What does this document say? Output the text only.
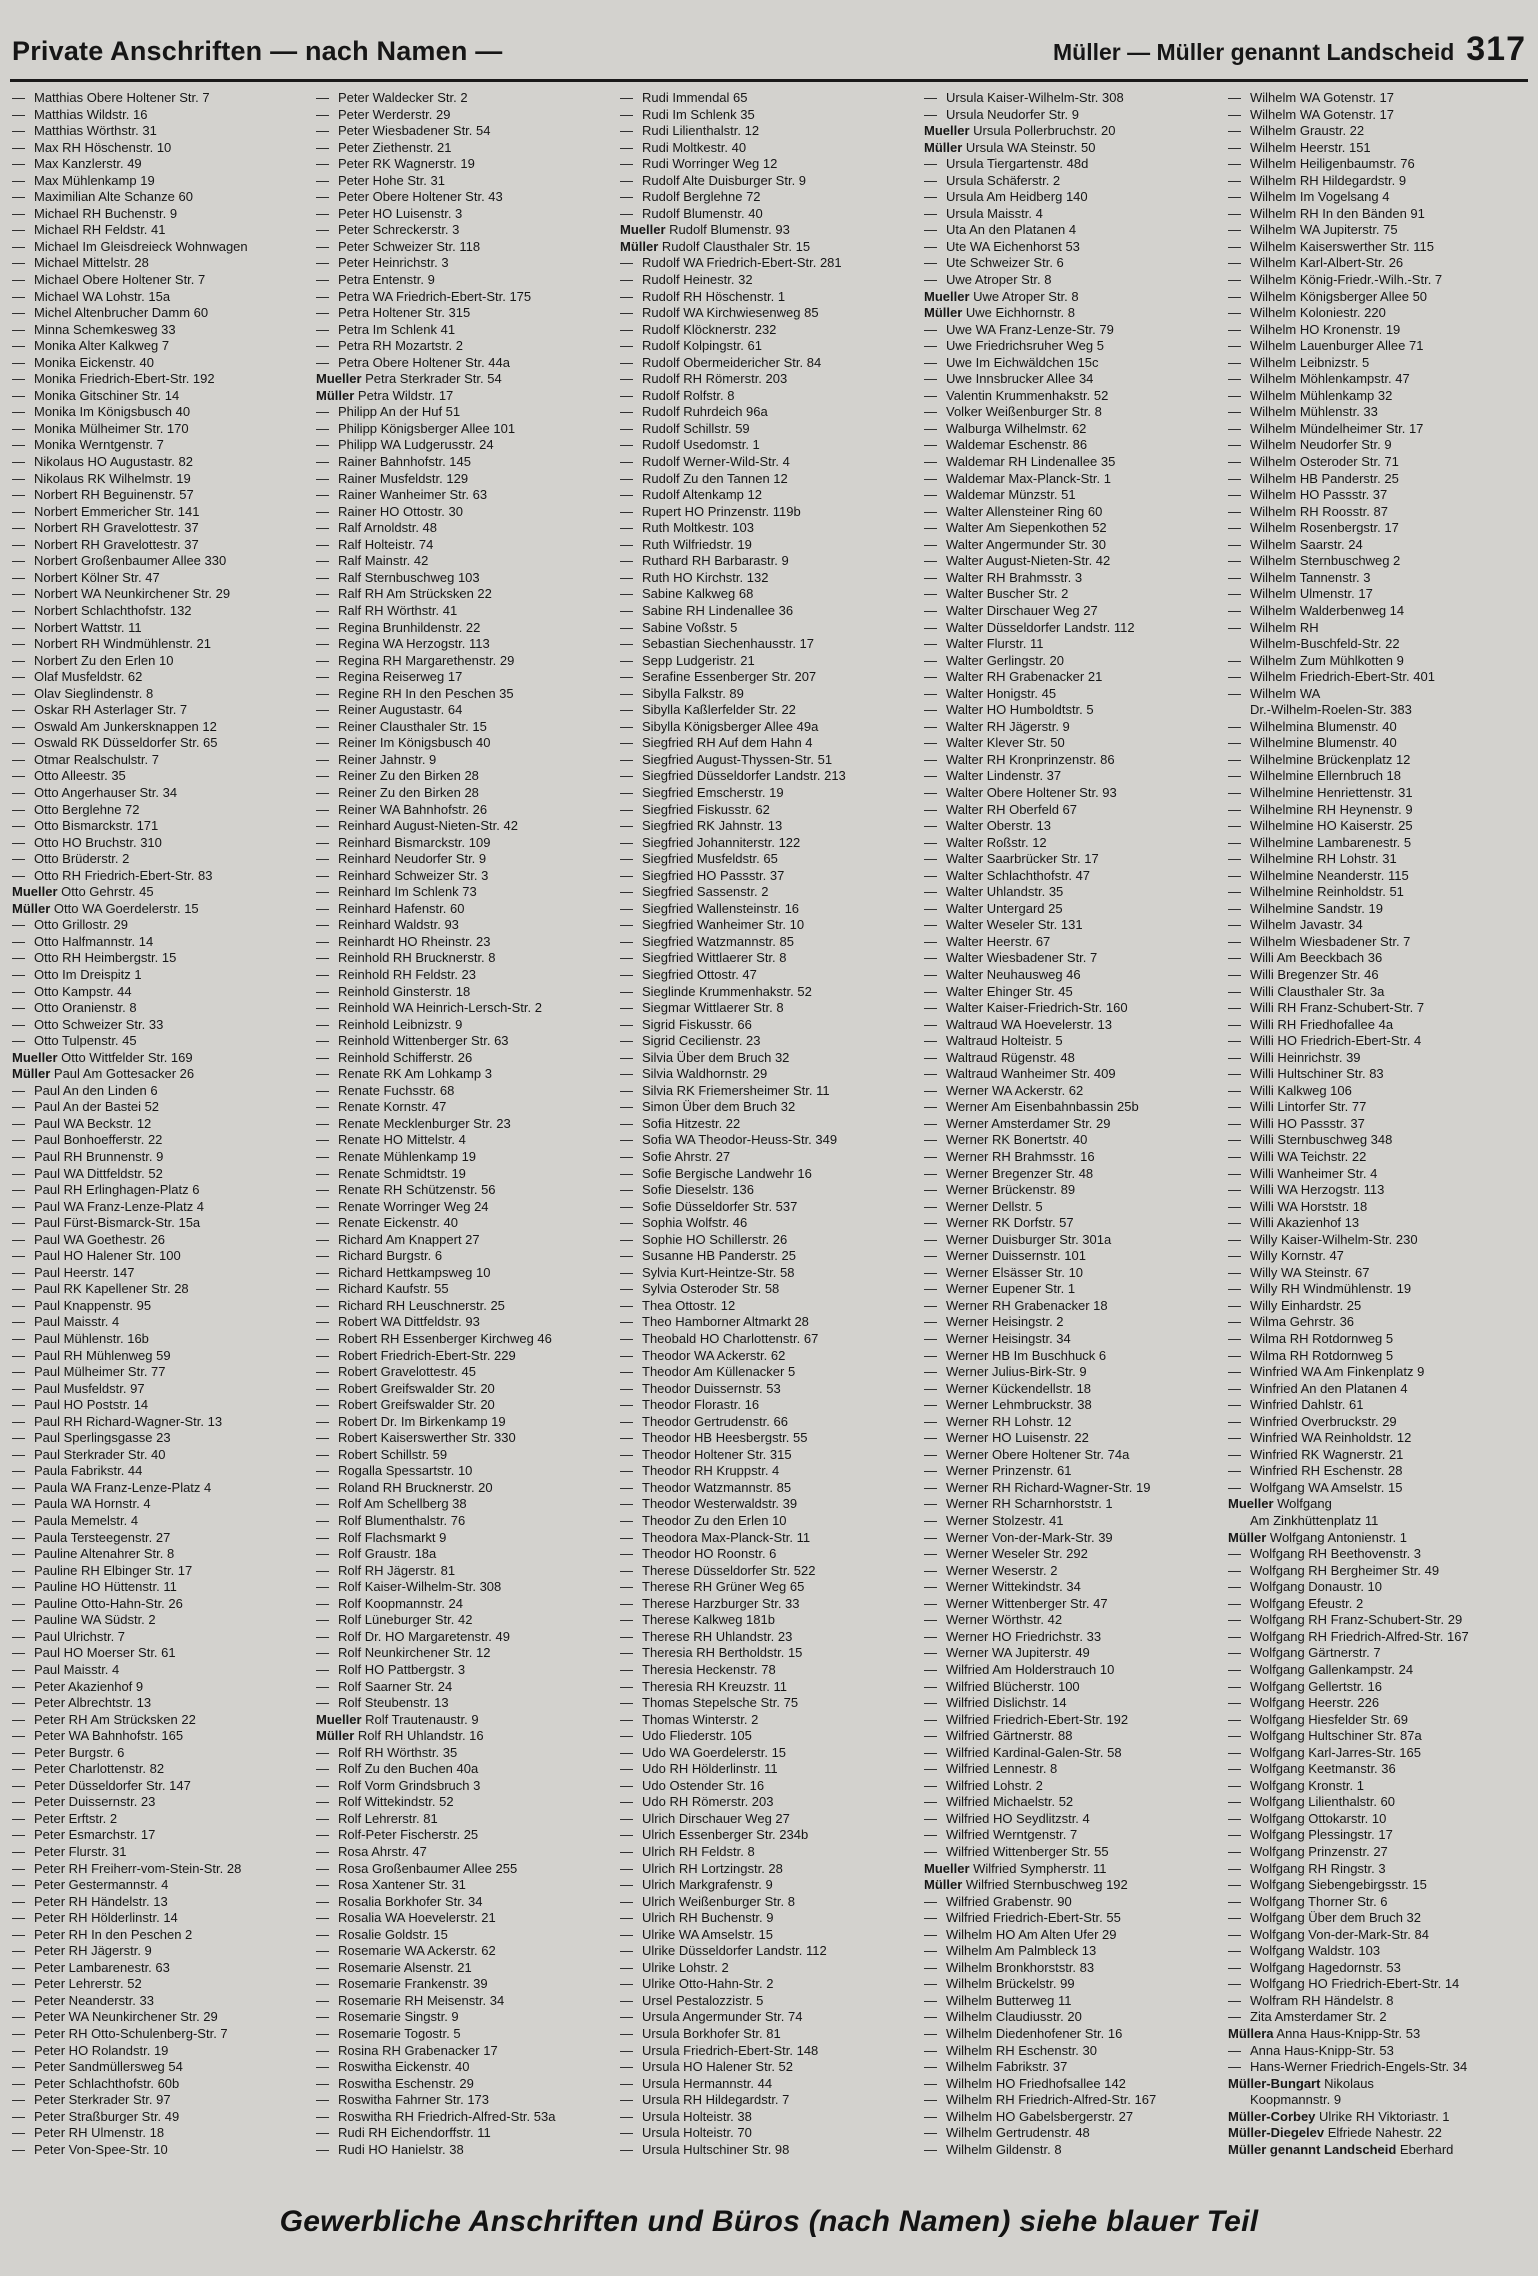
Private Anschriften — nach Namen —	Müller — Müller genannt Landscheid 317
— Matthias Obere Holtener Str. 7
— Matthias Wildstr. 16
— Matthias Wörthstr. 31
— Max RH Höschenstr. 10
— Max Kanzlerstr. 49
— Max Mühlenkamp 19
— Maximilian Alte Schanze 60
— Michael RH Buchenstr. 9
— Michael RH Feldstr. 41
— Michael Im Gleisdreieck Wohnwagen
— Michael Mittelstr. 28
— Michael Obere Holtener Str. 7
— Michael WA Lohstr. 15a
— Michel Altenbrucher Damm 60
— Minna Schemkesweg 33
— Monika Alter Kalkweg 7
— Monika Eickenstr. 40
— Monika Friedrich-Ebert-Str. 192
— Monika Gitschiner Str. 14
— Monika Im Königsbusch 40
— Monika Mülheimer Str. 170
— Monika Werntgenstr. 7
— Nikolaus HO Augustastr. 82
— Nikolaus RK Wilhelmstr. 19
— Norbert RH Beguinenstr. 57
— Norbert Emmericher Str. 141
— Norbert RH Gravelottestr. 37
— Norbert RH Gravelottestr. 37
— Norbert Großenbaumer Allee 330
— Norbert Kölner Str. 47
— Norbert WA Neunkirchener Str. 29
— Norbert Schlachthofstr. 132
— Norbert Wattstr. 11
— Norbert RH Windmühlenstr. 21
— Norbert Zu den Erlen 10
— Olaf Musfeldstr. 62
— Olav Sieglindenstr. 8
— Oskar RH Asterlager Str. 7
— Oswald Am Junkersknappen 12
— Oswald RK Düsseldorfer Str. 65
— Otmar Realschulstr. 7
— Otto Alleestr. 35
— Otto Angerhauser Str. 34
— Otto Berglehne 72
— Otto Bismarckstr. 171
— Otto HO Bruchstr. 310
— Otto Brüderstr. 2
— Otto RH Friedrich-Ebert-Str. 83
Mueller Otto Gehrstr. 45
Müller Otto WA Goerdelerstr. 15
— Otto Grillostr. 29
— Otto Halfmannstr. 14
— Otto RH Heimbergstr. 15
— Otto Im Dreispitz 1
— Otto Kampstr. 44
— Otto Oranienstr. 8
— Otto Schweizer Str. 33
— Otto Tulpenstr. 45
Mueller Otto Wittfelder Str. 169
Müller Paul Am Gottesacker 26
— Paul An den Linden 6
— Paul An der Bastei 52
— Paul WA Beckstr. 12
— Paul Bonhoefferstr. 22
— Paul RH Brunnenstr. 9
— Paul WA Dittfeldstr. 52
— Paul RH Erlinghagen-Platz 6
— Paul WA Franz-Lenze-Platz 4
— Paul Fürst-Bismarck-Str. 15a
— Paul WA Goethestr. 26
— Paul HO Halener Str. 100
— Paul Heerstr. 147
— Paul RK Kapellener Str. 28
— Paul Knappenstr. 95
— Paul Maisstr. 4
— Paul Mühlenstr. 16b
— Paul RH Mühlenweg 59
— Paul Mülheimer Str. 77
— Paul Musfeldstr. 97
— Paul HO Poststr. 14
— Paul RH Richard-Wagner-Str. 13
— Paul Sperlingsgasse 23
— Paul Sterkrader Str. 40
— Paula Fabrikstr. 44
— Paula WA Franz-Lenze-Platz 4
— Paula WA Hornstr. 4
— Paula Memelstr. 4
— Paula Tersteegenstr. 27
— Pauline Altenahrer Str. 8
— Pauline RH Elbinger Str. 17
— Pauline HO Hüttenstr. 11
— Pauline Otto-Hahn-Str. 26
— Pauline WA Südstr. 2
— Paul Ulrichstr. 7
— Paul HO Moerser Str. 61
— Paul Maisstr. 4
— Peter Akazienhof 9
— Peter Albrechtstr. 13
— Peter RH Am Strücksken 22
— Peter WA Bahnhofstr. 165
— Peter Burgstr. 6
— Peter Charlottenstr. 82
— Peter Düsseldorfer Str. 147
— Peter Duissernstr. 23
— Peter Erftstr. 2
— Peter Esmarchstr. 17
— Peter Flurstr. 31
— Peter RH Freiherr-vom-Stein-Str. 28
— Peter Gestermannstr. 4
— Peter RH Händelstr. 13
— Peter RH Hölderlinstr. 14
— Peter RH In den Peschen 2
— Peter RH Jägerstr. 9
— Peter Lambarenestr. 63
— Peter Lehrerstr. 52
— Peter Neanderstr. 33
— Peter WA Neunkirchener Str. 29
— Peter RH Otto-Schulenberg-Str. 7
— Peter HO Rolandstr. 19
— Peter Sandmüllersweg 54
— Peter Schlachthofstr. 60b
— Peter Sterkrader Str. 97
— Peter Straßburger Str. 49
— Peter RH Ulmenstr. 18
— Peter Von-Spee-Str. 10
— Peter Waldecker Str. 2
— Peter Werderstr. 29
— Peter Wiesbadener Str. 54
— Peter Ziethenstr. 21
— Peter RK Wagnerstr. 19
— Peter Hohe Str. 31
— Peter Obere Holtener Str. 43
— Peter HO Luisenstr. 3
— Peter Schreckerstr. 3
— Peter Schweizer Str. 118
— Peter Heinrichstr. 3
— Petra Entenstr. 9
— Petra WA Friedrich-Ebert-Str. 175
— Petra Holtener Str. 315
— Petra Im Schlenk 41
— Petra RH Mozartstr. 2
— Petra Obere Holtener Str. 44a
Mueller Petra Sterkrader Str. 54
Müller Petra Wildstr. 17
— Philipp An der Huf 51
— Philipp Königsberger Allee 101
— Philipp WA Ludgerusstr. 24
— Rainer Bahnhofstr. 145
— Rainer Musfeldstr. 129
— Rainer Wanheimer Str. 63
— Rainer HO Ottostr. 30
— Ralf Arnoldstr. 48
— Ralf Holteistr. 74
— Ralf Mainstr. 42
— Ralf Sternbuschweg 103
— Ralf RH Am Strücksken 22
— Ralf RH Wörthstr. 41
— Regina Brunhildenstr. 22
— Regina WA Herzogstr. 113
— Regina RH Margarethenstr. 29
— Regina Reiserweg 17
— Regine RH In den Peschen 35
— Reiner Augustastr. 64
— Reiner Clausthaler Str. 15
— Reiner Im Königsbusch 40
— Reiner Jahnstr. 9
— Reiner Zu den Birken 28
— Reiner Zu den Birken 28
— Reiner WA Bahnhofstr. 26
— Reinhard August-Nieten-Str. 42
— Reinhard Bismarckstr. 109
— Reinhard Neudorfer Str. 9
— Reinhard Schweizer Str. 3
— Reinhard Im Schlenk 73
— Reinhard Hafenstr. 60
— Reinhard Waldstr. 93
— Reinhardt HO Rheinstr. 23
— Reinhold RH Brucknerstr. 8
— Reinhold RH Feldstr. 23
— Reinhold Ginsterstr. 18
— Reinhold WA Heinrich-Lersch-Str. 2
— Reinhold Leibnizstr. 9
— Reinhold Wittenberger Str. 63
— Reinhold Schifferstr. 26
— Renate RK Am Lohkamp 3
— Renate Fuchsstr. 68
— Renate Kornstr. 47
— Renate Mecklenburger Str. 23
— Renate HO Mittelstr. 4
— Renate Mühlenkamp 19
— Renate Schmidtstr. 19
— Renate RH Schützenstr. 56
— Renate Worringer Weg 24
— Renate Eickenstr. 40
— Richard Am Knappert 27
— Richard Burgstr. 6
— Richard Hettkampsweg 10
— Richard Kaufstr. 55
— Richard RH Leuschnerstr. 25
— Robert WA Dittfeldstr. 93
— Robert RH Essenberger Kirchweg 46
— Robert Friedrich-Ebert-Str. 229
— Robert Gravelottestr. 45
— Robert Greifswalder Str. 20
— Robert Greifswalder Str. 20
— Robert Dr. Im Birkenkamp 19
— Robert Kaiserswerther Str. 330
— Robert Schillstr. 59
— Rogalla Spessartstr. 10
— Roland RH Brucknerstr. 20
— Rolf Am Schellberg 38
— Rolf Blumenthalstr. 76
— Rolf Flachsmarkt 9
— Rolf Graustr. 18a
— Rolf RH Jägerstr. 81
— Rolf Kaiser-Wilhelm-Str. 308
— Rolf Koopmannstr. 24
— Rolf Lüneburger Str. 42
— Rolf Dr. HO Margaretenstr. 49
— Rolf Neunkirchener Str. 12
— Rolf HO Pattbergstr. 3
— Rolf Saarner Str. 24
— Rolf Steubenstr. 13
Mueller Rolf Trautenaustr. 9
Müller Rolf RH Uhlandstr. 16
— Rolf RH Wörthstr. 35
— Rolf Zu den Buchen 40a
— Rolf Vorm Grindsbruch 3
— Rolf Wittekindstr. 52
— Rolf Lehrerstr. 81
— Rolf-Peter Fischerstr. 25
— Rosa Ahrstr. 47
— Rosa Großenbaumer Allee 255
— Rosa Xantener Str. 31
— Rosalia Borkhofer Str. 34
— Rosalia WA Hoevelerstr. 21
— Rosalie Goldstr. 15
— Rosemarie WA Ackerstr. 62
— Rosemarie Alsenstr. 21
— Rosemarie Frankenstr. 39
— Rosemarie RH Meisenstr. 34
— Rosemarie Singstr. 9
— Rosemarie Togostr. 5
— Rosina RH Grabenacker 17
— Roswitha Eickenstr. 40
— Roswitha Eschenstr. 29
— Roswitha Fahrner Str. 173
— Roswitha RH Friedrich-Alfred-Str. 53a
— Rudi RH Eichendorffstr. 11
— Rudi HO Hanielstr. 38
— Rudi Immendal 65
— Rudi Im Schlenk 35
— Rudi Lilienthalstr. 12
— Rudi Moltkestr. 40
— Rudi Worringer Weg 12
— Rudolf Alte Duisburger Str. 9
— Rudolf Berglehne 72
— Rudolf Blumenstr. 40
Mueller Rudolf Blumenstr. 93
Müller Rudolf Clausthaler Str. 15
— Rudolf WA Friedrich-Ebert-Str. 281
— Rudolf Heinestr. 32
— Rudolf RH Höschenstr. 1
— Rudolf WA Kirchwiesenweg 85
— Rudolf Klöcknerstr. 232
— Rudolf Kolpingstr. 61
— Rudolf Obermeidericher Str. 84
— Rudolf RH Römerstr. 203
— Rudolf Rolfstr. 8
— Rudolf Ruhrdeich 96a
— Rudolf Schillstr. 59
— Rudolf Usedomstr. 1
— Rudolf Werner-Wild-Str. 4
— Rudolf Zu den Tannen 12
— Rudolf Altenkamp 12
— Rupert HO Prinzenstr. 119b
— Ruth Moltkestr. 103
— Ruth Wilfriedstr. 19
— Ruthard RH Barbarastr. 9
— Ruth HO Kirchstr. 132
— Sabine Kalkweg 68
— Sabine RH Lindenallee 36
— Sabine Voßstr. 5
— Sebastian Siechenhausstr. 17
— Sepp Ludgeristr. 21
— Serafine Essenberger Str. 207
— Sibylla Falkstr. 89
— Sibylla Kaßlerfelder Str. 22
— Sibylla Königsberger Allee 49a
— Siegfried RH Auf dem Hahn 4
— Siegfried August-Thyssen-Str. 51
— Siegfried Düsseldorfer Landstr. 213
— Siegfried Emscherstr. 19
— Siegfried Fiskusstr. 62
— Siegfried RK Jahnstr. 13
— Siegfried Johanniterstr. 122
— Siegfried Musfeldstr. 65
— Siegfried HO Passstr. 37
— Siegfried Sassenstr. 2
— Siegfried Wallensteinstr. 16
— Siegfried Wanheimer Str. 10
— Siegfried Watzmannstr. 85
— Siegfried Wittlaerer Str. 8
— Siegfried Ottostr. 47
— Sieglinde Krummenhakstr. 52
— Siegmar Wittlaerer Str. 8
— Sigrid Fiskusstr. 66
— Sigrid Cecilienstr. 23
— Silvia Über dem Bruch 32
— Silvia Waldhornstr. 29
— Silvia RK Friemersheimer Str. 11
— Simon Über dem Bruch 32
— Sofia Hitzestr. 22
— Sofia WA Theodor-Heuss-Str. 349
— Sofie Ahrstr. 27
— Sofie Bergische Landwehr 16
— Sofie Dieselstr. 136
— Sofie Düsseldorfer Str. 537
— Sophia Wolfstr. 46
— Sophie HO Schillerstr. 26
— Susanne HB Panderstr. 25
— Sylvia Kurt-Heintze-Str. 58
— Sylvia Osteroder Str. 58
— Thea Ottostr. 12
— Theo Hamborner Altmarkt 28
— Theobald HO Charlottenstr. 67
— Theodor WA Ackerstr. 62
— Theodor Am Küllenacker 5
— Theodor Duissernstr. 53
— Theodor Florastr. 16
— Theodor Gertrudenstr. 66
— Theodor HB Heesbergstr. 55
— Theodor Holtener Str. 315
— Theodor RH Kruppstr. 4
— Theodor Watzmannstr. 85
— Theodor Westerwaldstr. 39
— Theodor Zu den Erlen 10
— Theodora Max-Planck-Str. 11
— Theodor HO Roonstr. 6
— Therese Düsseldorfer Str. 522
— Therese RH Grüner Weg 65
— Therese Harzburger Str. 33
— Therese Kalkweg 181b
— Therese RH Uhlandstr. 23
— Theresia RH Bertholdstr. 15
— Theresia Heckenstr. 78
— Theresia RH Kreuzstr. 11
— Thomas Stepelsche Str. 75
— Thomas Winterstr. 2
— Udo Fliederstr. 105
— Udo WA Goerdelerstr. 15
— Udo RH Hölderlinstr. 11
— Udo Ostender Str. 16
— Udo RH Römerstr. 203
— Ulrich Dirschauer Weg 27
— Ulrich Essenberger Str. 234b
— Ulrich RH Feldstr. 8
— Ulrich RH Lortzingstr. 28
— Ulrich Markgrafenstr. 9
— Ulrich Weißenburger Str. 8
— Ulrich RH Buchenstr. 9
— Ulrike WA Amselstr. 15
— Ulrike Düsseldorfer Landstr. 112
— Ulrike Lohstr. 2
— Ulrike Otto-Hahn-Str. 2
— Ursel Pestalozzistr. 5
— Ursula Angermunder Str. 74
— Ursula Borkhofer Str. 81
— Ursula Friedrich-Ebert-Str. 148
— Ursula HO Halener Str. 52
— Ursula Hermannstr. 44
— Ursula RH Hildegardstr. 7
— Ursula Holteistr. 38
— Ursula Holteistr. 70
— Ursula Hultschiner Str. 98
— Ursula Kaiser-Wilhelm-Str. 308
— Ursula Neudorfer Str. 9
Mueller Ursula Pollerbruchstr. 20
Müller Ursula WA Steinstr. 50
— Ursula Tiergartenstr. 48d
— Ursula Schäferstr. 2
— Ursula Am Heidberg 140
— Ursula Maisstr. 4
— Uta An den Platanen 4
— Ute WA Eichenhorst 53
— Ute Schweizer Str. 6
— Uwe Atroper Str. 8
Mueller Uwe Atroper Str. 8
Müller Uwe Eichhornstr. 8
— Uwe WA Franz-Lenze-Str. 79
— Uwe Friedrichsruher Weg 5
— Uwe Im Eichwäldchen 15c
— Uwe Innsbrucker Allee 34
— Valentin Krummenhakstr. 52
— Volker Weißenburger Str. 8
— Walburga Wilhelmstr. 62
— Waldemar Eschenstr. 86
— Waldemar RH Lindenallee 35
— Waldemar Max-Planck-Str. 1
— Waldemar Münzstr. 51
— Walter Allensteiner Ring 60
— Walter Am Siepenkothen 52
— Walter Angermunder Str. 30
— Walter August-Nieten-Str. 42
— Walter RH Brahmsstr. 3
— Walter Buscher Str. 2
— Walter Dirschauer Weg 27
— Walter Düsseldorfer Landstr. 112
— Walter Flurstr. 11
— Walter Gerlingstr. 20
— Walter RH Grabenacker 21
— Walter Honigstr. 45
— Walter HO Humboldtstr. 5
— Walter RH Jägerstr. 9
— Walter Klever Str. 50
— Walter RH Kronprinzenstr. 86
— Walter Lindenstr. 37
— Walter Obere Holtener Str. 93
— Walter RH Oberfeld 67
— Walter Oberstr. 13
— Walter Roßstr. 12
— Walter Saarbrücker Str. 17
— Walter Schlachthofstr. 47
— Walter Uhlandstr. 35
— Walter Untergard 25
— Walter Weseler Str. 131
— Walter Heerstr. 67
— Walter Wiesbadener Str. 7
— Walter Neuhausweg 46
— Walter Ehinger Str. 45
— Walter Kaiser-Friedrich-Str. 160
— Waltraud WA Hoevelerstr. 13
— Waltraud Holteistr. 5
— Waltraud Rügenstr. 48
— Waltraud Wanheimer Str. 409
— Werner WA Ackerstr. 62
— Werner Am Eisenbahnbassin 25b
— Werner Amsterdamer Str. 29
— Werner RK Bonertstr. 40
— Werner RH Brahmsstr. 16
— Werner Bregenzer Str. 48
— Werner Brückenstr. 89
— Werner Dellstr. 5
— Werner RK Dorfstr. 57
— Werner Duisburger Str. 301a
— Werner Duissernstr. 101
— Werner Elsässer Str. 10
— Werner Eupener Str. 1
— Werner RH Grabenacker 18
— Werner Heisingstr. 2
— Werner Heisingstr. 34
— Werner HB Im Buschhuck 6
— Werner Julius-Birk-Str. 9
— Werner Kückendellstr. 18
— Werner Lehmbruckstr. 38
— Werner RH Lohstr. 12
— Werner HO Luisenstr. 22
— Werner Obere Holtener Str. 74a
— Werner Prinzenstr. 61
— Werner RH Richard-Wagner-Str. 19
— Werner RH Scharnhorststr. 1
— Werner Stolzestr. 41
— Werner Von-der-Mark-Str. 39
— Werner Weseler Str. 292
— Werner Weserstr. 2
— Werner Wittekindstr. 34
— Werner Wittenberger Str. 47
— Werner Wörthstr. 42
— Werner HO Friedrichstr. 33
— Werner WA Jupiterstr. 49
— Wilfried Am Holderstrauch 10
— Wilfried Blücherstr. 100
— Wilfried Dislichstr. 14
— Wilfried Friedrich-Ebert-Str. 192
— Wilfried Gärtnerstr. 88
— Wilfried Kardinal-Galen-Str. 58
— Wilfried Lennestr. 8
— Wilfried Lohstr. 2
— Wilfried Michaelstr. 52
— Wilfried HO Seydlitzstr. 4
— Wilfried Werntgenstr. 7
— Wilfried Wittenberger Str. 55
Mueller Wilfried Sympherstr. 11
Müller Wilfried Sternbuschweg 192
— Wilfried Grabenstr. 90
— Wilfried Friedrich-Ebert-Str. 55
— Wilhelm HO Am Alten Ufer 29
— Wilhelm Am Palmbleck 13
— Wilhelm Bronkhorststr. 83
— Wilhelm Brückelstr. 99
— Wilhelm Butterweg 11
— Wilhelm Claudiusstr. 20
— Wilhelm Diedenhofener Str. 16
— Wilhelm RH Eschenstr. 30
— Wilhelm Fabrikstr. 37
— Wilhelm HO Friedhofsallee 142
— Wilhelm RH Friedrich-Alfred-Str. 167
— Wilhelm HO Gabelsbergerstr. 27
— Wilhelm Gertrudenstr. 48
— Wilhelm Gildenstr. 8
— Wilhelm WA Gotenstr. 17
— Wilhelm WA Gotenstr. 17
— Wilhelm Graustr. 22
— Wilhelm Heerstr. 151
— Wilhelm Heiligenbaumstr. 76
— Wilhelm RH Hildegardstr. 9
— Wilhelm Im Vogelsang 4
— Wilhelm RH In den Bänden 91
— Wilhelm WA Jupiterstr. 75
— Wilhelm Kaiserswerther Str. 115
— Wilhelm Karl-Albert-Str. 26
— Wilhelm König-Friedr.-Wilh.-Str. 7
— Wilhelm Königsberger Allee 50
— Wilhelm Koloniestr. 220
— Wilhelm HO Kronenstr. 19
— Wilhelm Lauenburger Allee 71
— Wilhelm Leibnizstr. 5
— Wilhelm Möhlenkampstr. 47
— Wilhelm Mühlenkamp 32
— Wilhelm Mühlenstr. 33
— Wilhelm Mündelheimer Str. 17
— Wilhelm Neudorfer Str. 9
— Wilhelm Osteroder Str. 71
— Wilhelm HB Panderstr. 25
— Wilhelm HO Passstr. 37
— Wilhelm RH Roosstr. 87
— Wilhelm Rosenbergstr. 17
— Wilhelm Saarstr. 24
— Wilhelm Sternbuschweg 2
— Wilhelm Tannenstr. 3
— Wilhelm Ulmenstr. 17
— Wilhelm Walderbenweg 14
— Wilhelm RH
Wilhelm-Buschfeld-Str. 22
— Wilhelm Zum Mühlkotten 9
— Wilhelm Friedrich-Ebert-Str. 401
— Wilhelm WA
Dr.-Wilhelm-Roelen-Str. 383
— Wilhelmina Blumenstr. 40
— Wilhelmine Blumenstr. 40
— Wilhelmine Brückenplatz 12
— Wilhelmine Ellernbruch 18
— Wilhelmine Henriettenstr. 31
— Wilhelmine RH Heynenstr. 9
— Wilhelmine HO Kaiserstr. 25
— Wilhelmine Lambarenestr. 5
— Wilhelmine RH Lohstr. 31
— Wilhelmine Neanderstr. 115
— Wilhelmine Reinholdstr. 51
— Wilhelmine Sandstr. 19
— Wilhelm Javastr. 34
— Wilhelm Wiesbadener Str. 7
— Willi Am Beeckbach 36
— Willi Bregenzer Str. 46
— Willi Clausthaler Str. 3a
— Willi RH Franz-Schubert-Str. 7
— Willi RH Friedhofallee 4a
— Willi HO Friedrich-Ebert-Str. 4
— Willi Heinrichstr. 39
— Willi Hultschiner Str. 83
— Willi Kalkweg 106
— Willi Lintorfer Str. 77
— Willi HO Passstr. 37
— Willi Sternbuschweg 348
— Willi WA Teichstr. 22
— Willi Wanheimer Str. 4
— Willi WA Herzogstr. 113
— Willi WA Horststr. 18
— Willi Akazienhof 13
— Willy Kaiser-Wilhelm-Str. 230
— Willy Kornstr. 47
— Willy WA Steinstr. 67
— Willy RH Windmühlenstr. 19
— Willy Einhardstr. 25
— Wilma Gehrstr. 36
— Wilma RH Rotdornweg 5
— Wilma RH Rotdornweg 5
— Winfried WA Am Finkenplatz 9
— Winfried An den Platanen 4
— Winfried Dahlstr. 61
— Winfried Overbruckstr. 29
— Winfried WA Reinholdstr. 12
— Winfried RK Wagnerstr. 21
— Winfried RH Eschenstr. 28
— Wolfgang WA Amselstr. 15
Mueller Wolfgang
Am Zinkhüttenplatz 11
Müller Wolfgang Antonienstr. 1
— Wolfgang RH Beethovenstr. 3
— Wolfgang RH Bergheimer Str. 49
— Wolfgang Donaustr. 10
— Wolfgang Efeustr. 2
— Wolfgang RH Franz-Schubert-Str. 29
— Wolfgang RH Friedrich-Alfred-Str. 167
— Wolfgang Gärtnerstr. 7
— Wolfgang Gallenkampstr. 24
— Wolfgang Gellertstr. 16
— Wolfgang Heerstr. 226
— Wolfgang Hiesfelder Str. 69
— Wolfgang Hultschiner Str. 87a
— Wolfgang Karl-Jarres-Str. 165
— Wolfgang Keetmanstr. 36
— Wolfgang Kronstr. 1
— Wolfgang Lilienthalstr. 60
— Wolfgang Ottokarstr. 10
— Wolfgang Plessingstr. 17
— Wolfgang Prinzenstr. 27
— Wolfgang RH Ringstr. 3
— Wolfgang Siebengebirgsstr. 15
— Wolfgang Thorner Str. 6
— Wolfgang Über dem Bruch 32
— Wolfgang Von-der-Mark-Str. 84
— Wolfgang Waldstr. 103
— Wolfgang Hagedornstr. 53
— Wolfgang HO Friedrich-Ebert-Str. 14
— Wolfram RH Händelstr. 8
— Zita Amsterdamer Str. 2
Müllera Anna Haus-Knipp-Str. 53
— Anna Haus-Knipp-Str. 53
— Hans-Werner Friedrich-Engels-Str. 34
Müller-Bungart Nikolaus
Koopmannstr. 9
Müller-Corbey Ulrike RH Viktoriastr. 1
Müller-Diegelev Elfriede Nahestr. 22
Müller genannt Landscheid Eberhard
Gewerbliche Anschriften und Büros (nach Namen) siehe blauer Teil
